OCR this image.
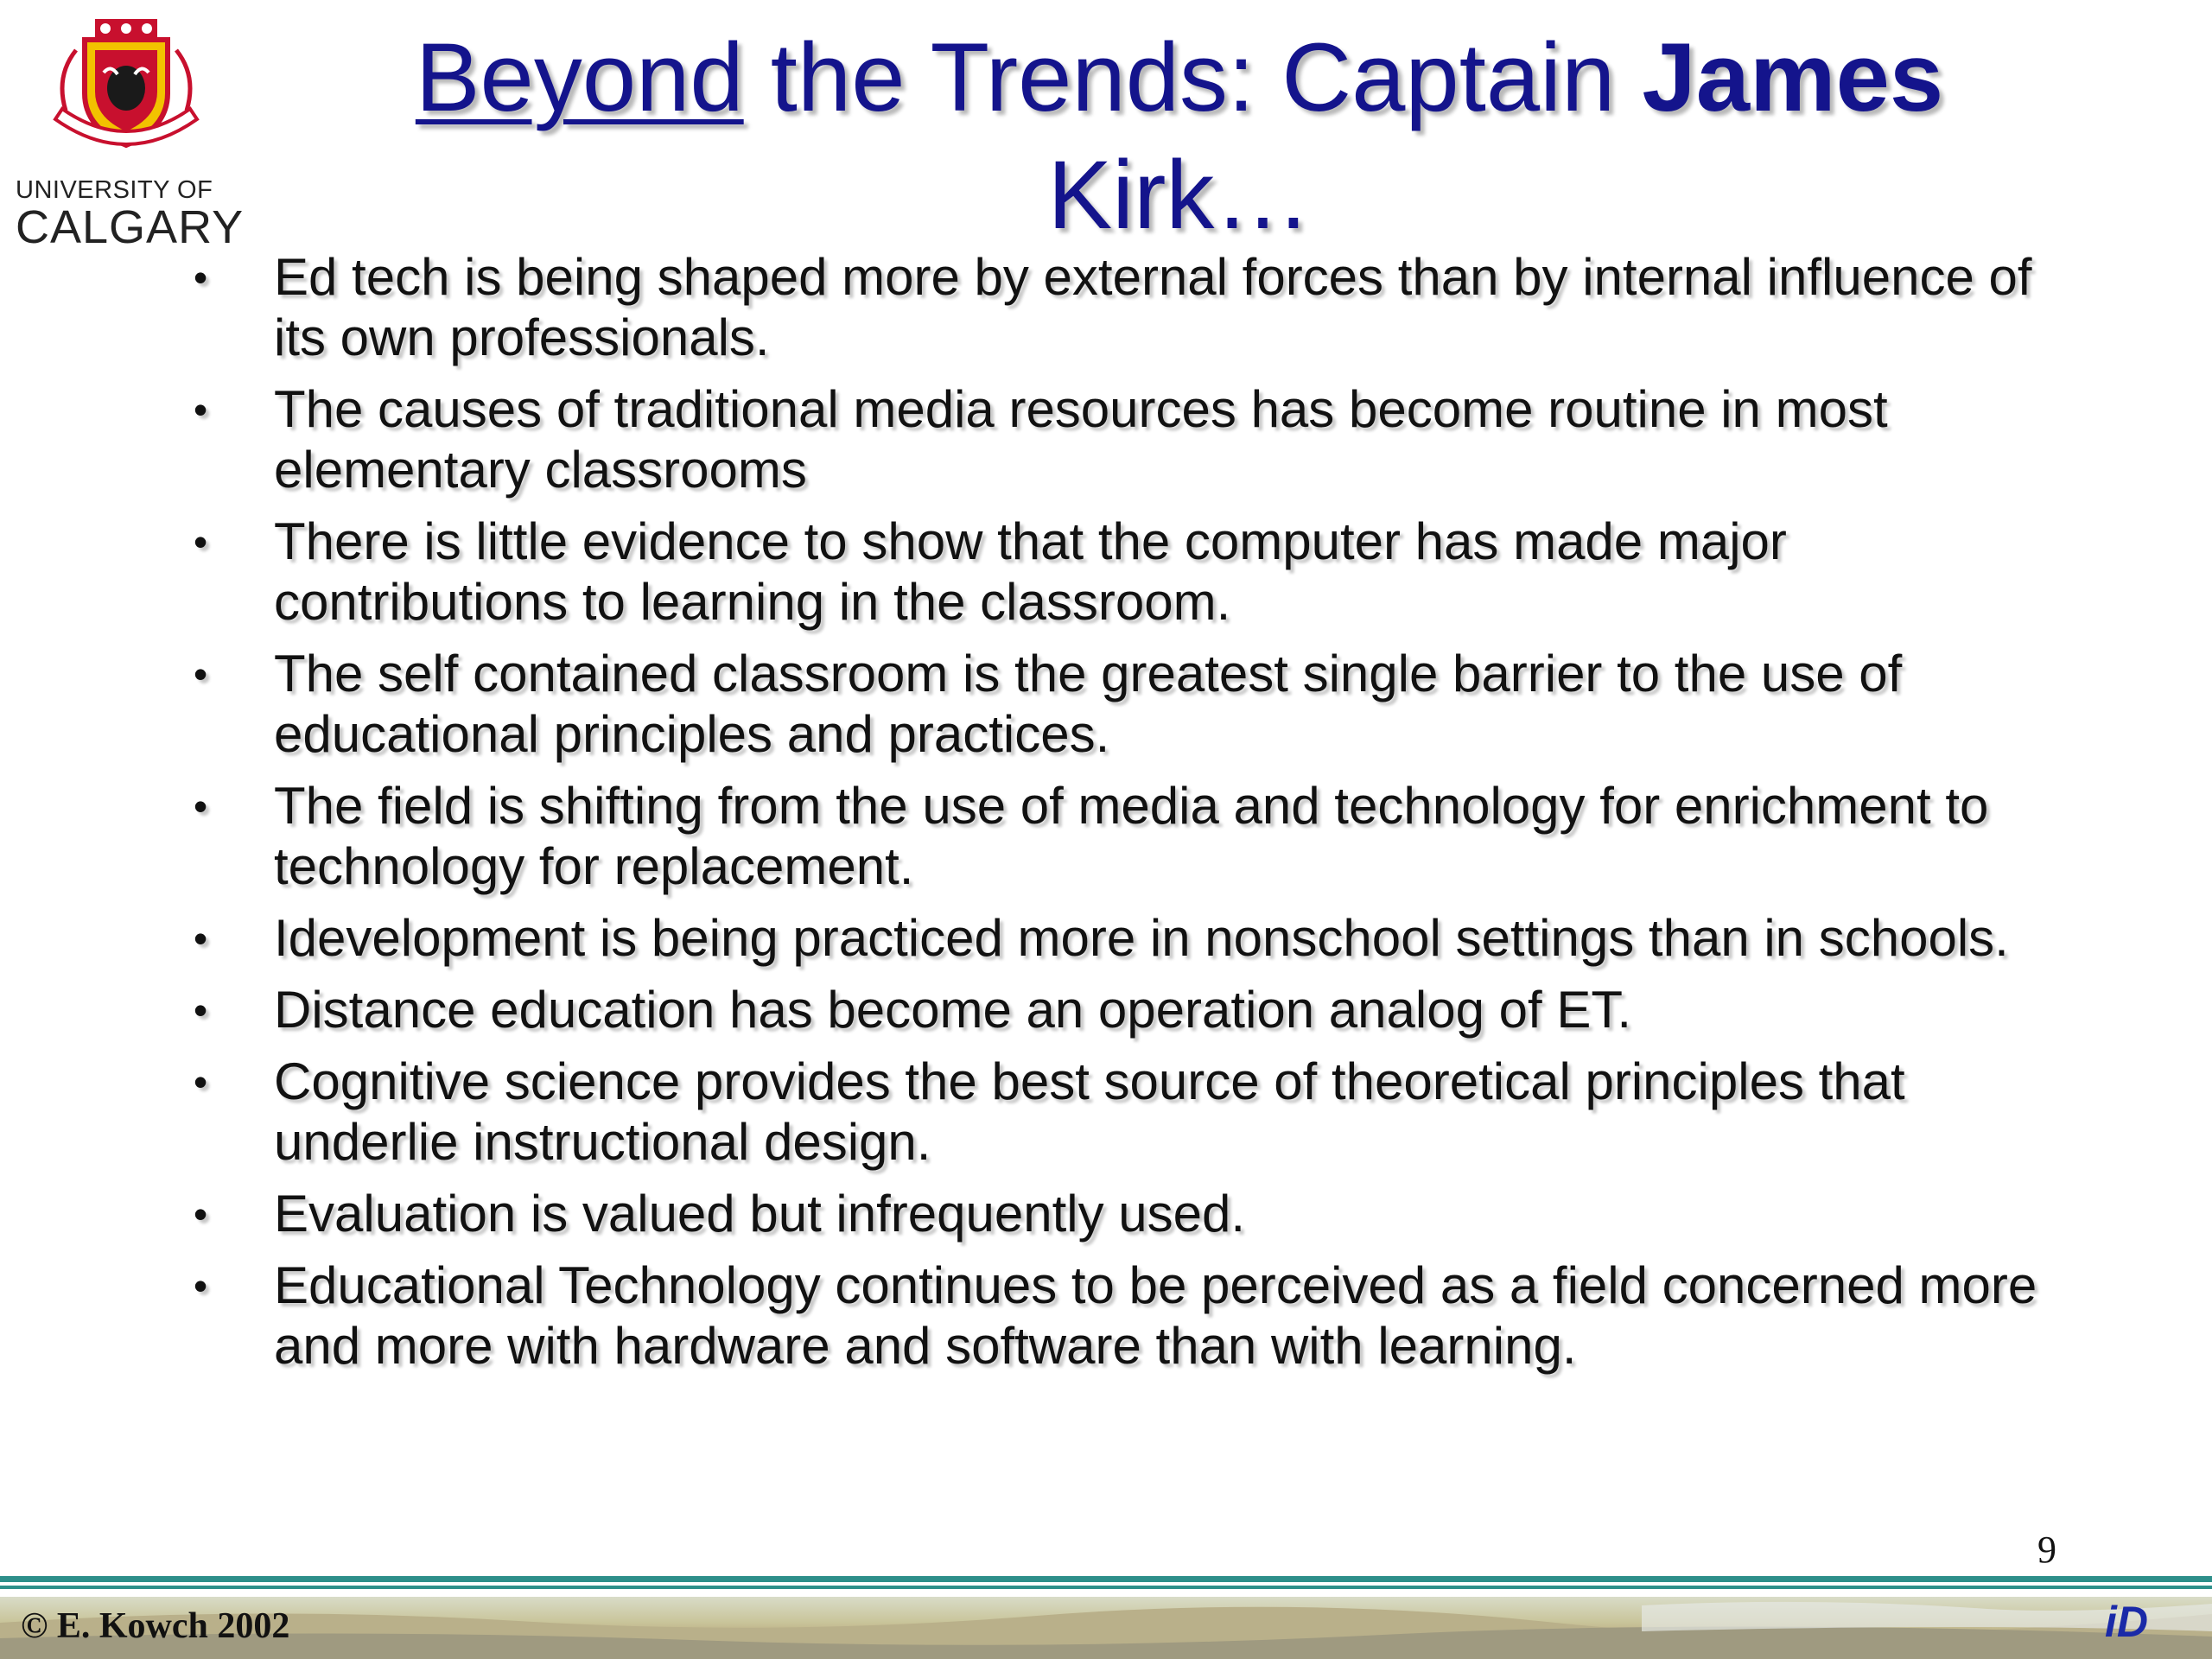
UNIVERSITY OF
CALGARY
Beyond the Trends: Captain James
Kirk…
• Ed tech is being shaped more by external forces than by internal influence of its own professionals.
• The causes of traditional media resources has become routine in most elementary classrooms
• There is little evidence to show that the computer has made major contributions to learning in the classroom.
• The self contained classroom is the greatest single barrier to the use of educational principles and practices.
• The field is shifting from the use of media and technology for enrichment to technology for replacement.
• Idevelopment is being practiced more in nonschool settings than in schools.
• Distance education has become an operation analog of ET.
• Cognitive science provides the best source of theoretical principles that underlie instructional design.
• Evaluation is valued but infrequently used.
• Educational Technology continues to be perceived as a field concerned more and more with hardware and software than with learning.
9
© E. Kowch 2002	iD
